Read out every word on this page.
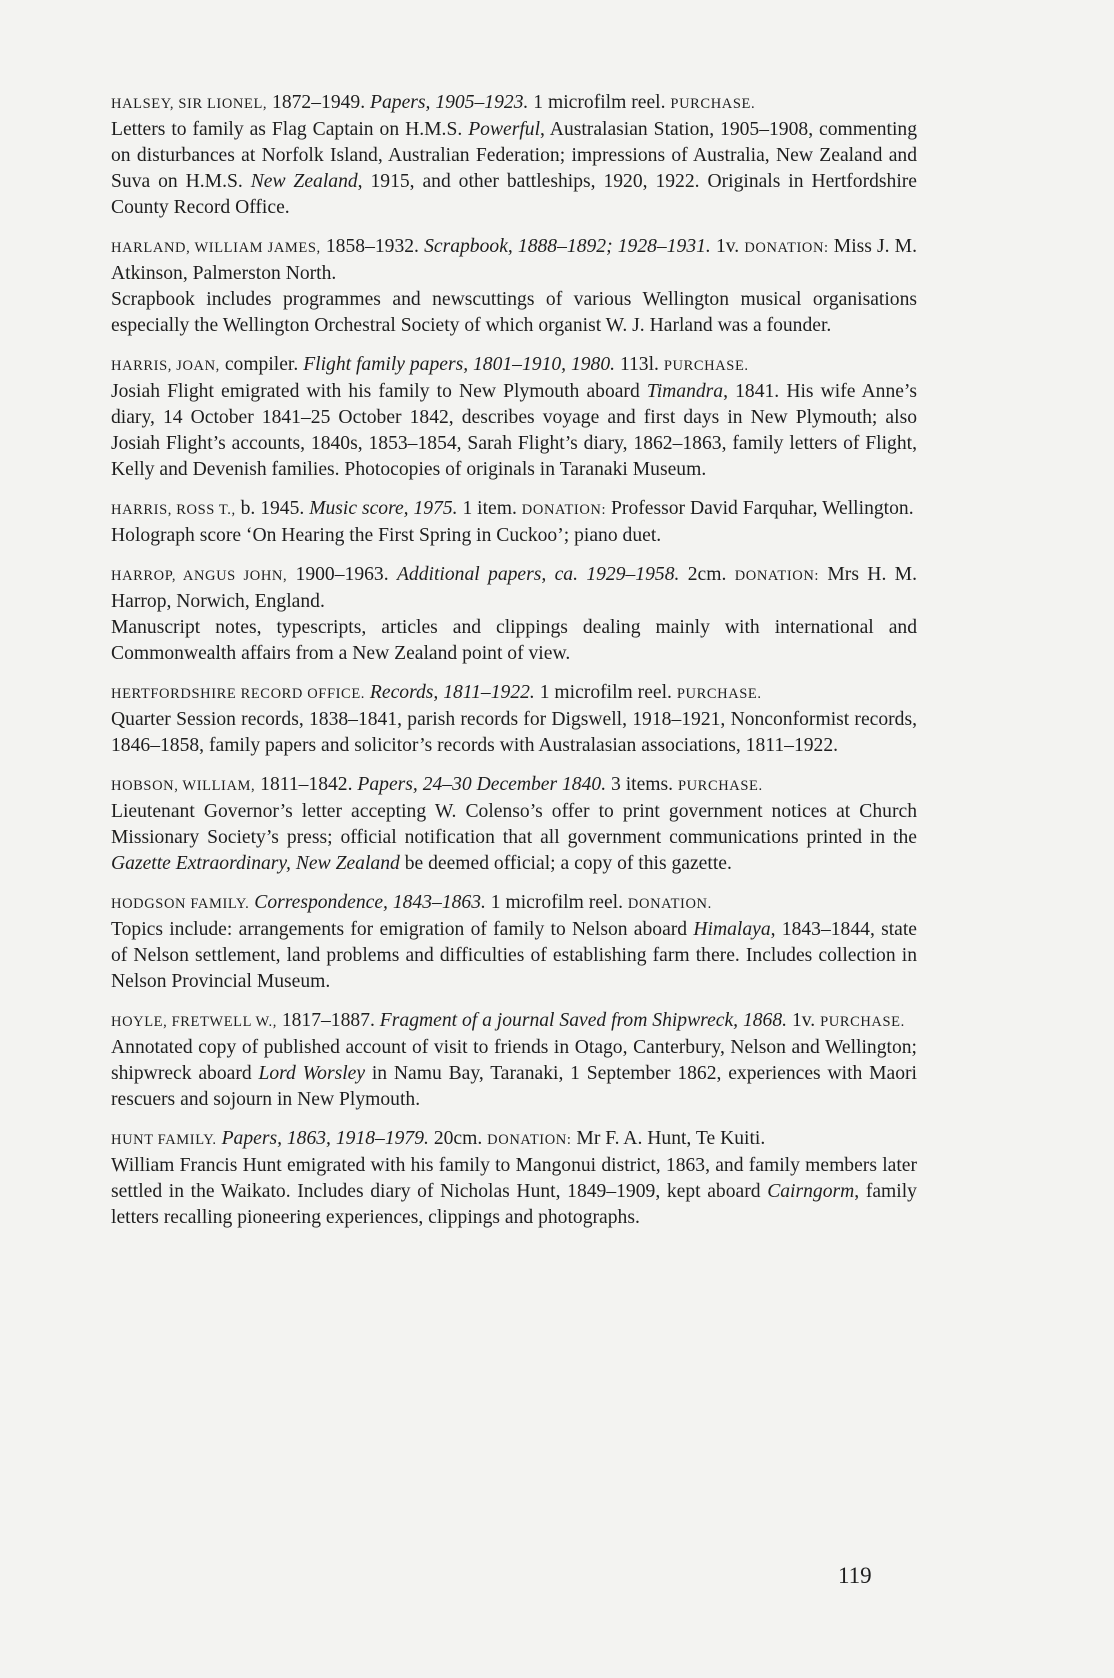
HALSEY, SIR LIONEL, 1872–1949. Papers, 1905–1923. 1 microfilm reel. PURCHASE.

Letters to family as Flag Captain on H.M.S. Powerful, Australasian Station, 1905–1908, commenting on disturbances at Norfolk Island, Australian Federation; impressions of Australia, New Zealand and Suva on H.M.S. New Zealand, 1915, and other battleships, 1920, 1922. Originals in Hertfordshire County Record Office.

HARLAND, WILLIAM JAMES, 1858–1932. Scrapbook, 1888–1892; 1928–1931. 1v. DONATION: Miss J. M. Atkinson, Palmerston North.

Scrapbook includes programmes and newscuttings of various Wellington musical organisations especially the Wellington Orchestral Society of which organist W. J. Harland was a founder.

HARRIS, JOAN, compiler. Flight family papers, 1801–1910, 1980. 113l. PURCHASE.

Josiah Flight emigrated with his family to New Plymouth aboard Timandra, 1841. His wife Anne’s diary, 14 October 1841–25 October 1842, describes voyage and first days in New Plymouth; also Josiah Flight’s accounts, 1840s, 1853–1854, Sarah Flight’s diary, 1862–1863, family letters of Flight, Kelly and Devenish families. Photocopies of originals in Taranaki Museum.

HARRIS, ROSS T., b. 1945. Music score, 1975. 1 item. DONATION: Professor David Farquhar, Wellington.

Holograph score ‘On Hearing the First Spring in Cuckoo’; piano duet.

HARROP, ANGUS JOHN, 1900–1963. Additional papers, ca. 1929–1958. 2cm. DONATION: Mrs H. M. Harrop, Norwich, England.

Manuscript notes, typescripts, articles and clippings dealing mainly with international and Commonwealth affairs from a New Zealand point of view.

HERTFORDSHIRE RECORD OFFICE. Records, 1811–1922. 1 microfilm reel. PURCHASE.

Quarter Session records, 1838–1841, parish records for Digswell, 1918–1921, Nonconformist records, 1846–1858, family papers and solicitor’s records with Australasian associations, 1811–1922.

HOBSON, WILLIAM, 1811–1842. Papers, 24–30 December 1840. 3 items. PURCHASE.

Lieutenant Governor’s letter accepting W. Colenso’s offer to print government notices at Church Missionary Society’s press; official notification that all government communications printed in the Gazette Extraordinary, New Zealand be deemed official; a copy of this gazette.

HODGSON FAMILY. Correspondence, 1843–1863. 1 microfilm reel. DONATION.

Topics include: arrangements for emigration of family to Nelson aboard Himalaya, 1843–1844, state of Nelson settlement, land problems and difficulties of establishing farm there. Includes collection in Nelson Provincial Museum.

HOYLE, FRETWELL W., 1817–1887. Fragment of a journal Saved from Shipwreck, 1868. 1v. PURCHASE.

Annotated copy of published account of visit to friends in Otago, Canterbury, Nelson and Wellington; shipwreck aboard Lord Worsley in Namu Bay, Taranaki, 1 September 1862, experiences with Maori rescuers and sojourn in New Plymouth.

HUNT FAMILY. Papers, 1863, 1918–1979. 20cm. DONATION: Mr F. A. Hunt, Te Kuiti.

William Francis Hunt emigrated with his family to Mangonui district, 1863, and family members later settled in the Waikato. Includes diary of Nicholas Hunt, 1849–1909, kept aboard Cairngorm, family letters recalling pioneering experiences, clippings and photographs.

119
